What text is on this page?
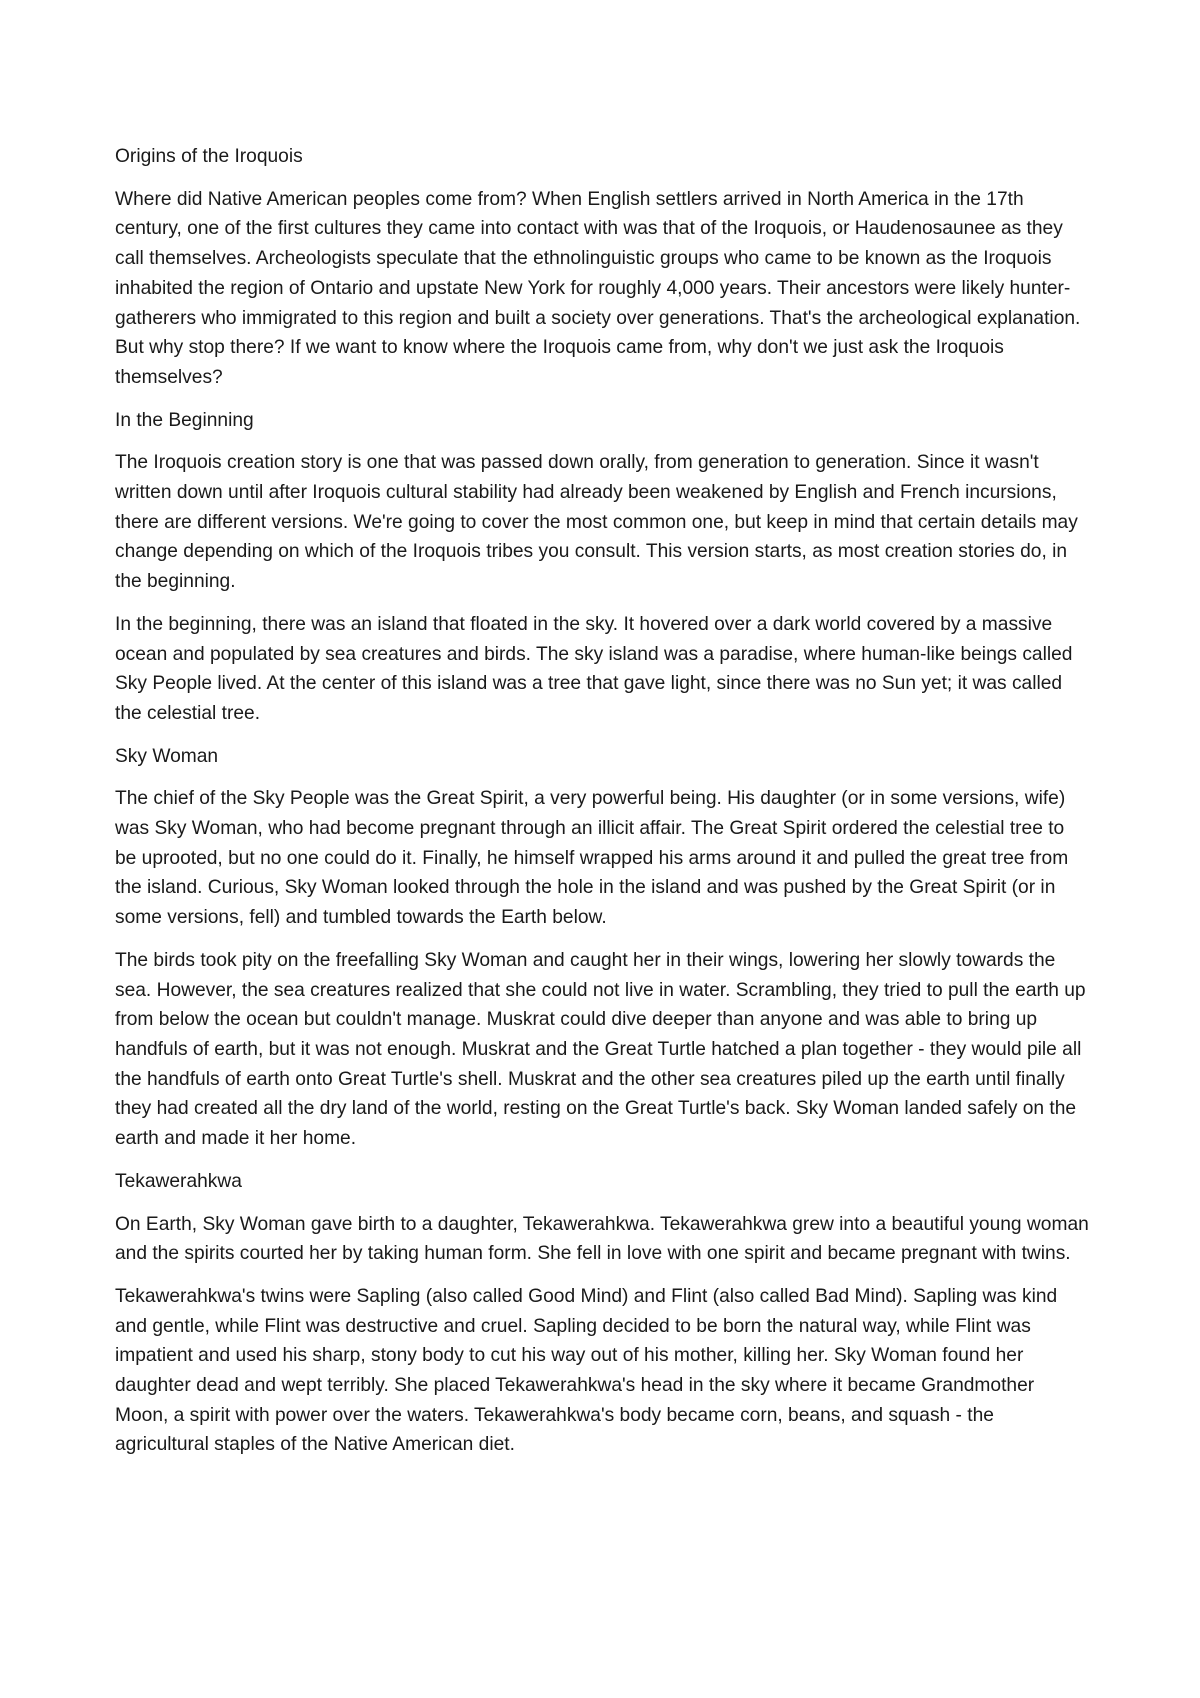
Origins of the Iroquois

Where did Native American peoples come from? When English settlers arrived in North America in the 17th century, one of the first cultures they came into contact with was that of the Iroquois, or Haudenosaunee as they call themselves. Archeologists speculate that the ethnolinguistic groups who came to be known as the Iroquois inhabited the region of Ontario and upstate New York for roughly 4,000 years. Their ancestors were likely hunter-gatherers who immigrated to this region and built a society over generations. That's the archeological explanation. But why stop there? If we want to know where the Iroquois came from, why don't we just ask the Iroquois themselves?

In the Beginning

The Iroquois creation story is one that was passed down orally, from generation to generation. Since it wasn't written down until after Iroquois cultural stability had already been weakened by English and French incursions, there are different versions. We're going to cover the most common one, but keep in mind that certain details may change depending on which of the Iroquois tribes you consult. This version starts, as most creation stories do, in the beginning.

In the beginning, there was an island that floated in the sky. It hovered over a dark world covered by a massive ocean and populated by sea creatures and birds. The sky island was a paradise, where human-like beings called Sky People lived. At the center of this island was a tree that gave light, since there was no Sun yet; it was called the celestial tree.

Sky Woman

The chief of the Sky People was the Great Spirit, a very powerful being. His daughter (or in some versions, wife) was Sky Woman, who had become pregnant through an illicit affair. The Great Spirit ordered the celestial tree to be uprooted, but no one could do it. Finally, he himself wrapped his arms around it and pulled the great tree from the island. Curious, Sky Woman looked through the hole in the island and was pushed by the Great Spirit (or in some versions, fell) and tumbled towards the Earth below.

The birds took pity on the freefalling Sky Woman and caught her in their wings, lowering her slowly towards the sea. However, the sea creatures realized that she could not live in water. Scrambling, they tried to pull the earth up from below the ocean but couldn't manage. Muskrat could dive deeper than anyone and was able to bring up handfuls of earth, but it was not enough. Muskrat and the Great Turtle hatched a plan together - they would pile all the handfuls of earth onto Great Turtle's shell. Muskrat and the other sea creatures piled up the earth until finally they had created all the dry land of the world, resting on the Great Turtle's back. Sky Woman landed safely on the earth and made it her home.

Tekawerahkwa

On Earth, Sky Woman gave birth to a daughter, Tekawerahkwa. Tekawerahkwa grew into a beautiful young woman and the spirits courted her by taking human form. She fell in love with one spirit and became pregnant with twins.

Tekawerahkwa's twins were Sapling (also called Good Mind) and Flint (also called Bad Mind). Sapling was kind and gentle, while Flint was destructive and cruel. Sapling decided to be born the natural way, while Flint was impatient and used his sharp, stony body to cut his way out of his mother, killing her. Sky Woman found her daughter dead and wept terribly. She placed Tekawerahkwa's head in the sky where it became Grandmother Moon, a spirit with power over the waters. Tekawerahkwa's body became corn, beans, and squash - the agricultural staples of the Native American diet.
